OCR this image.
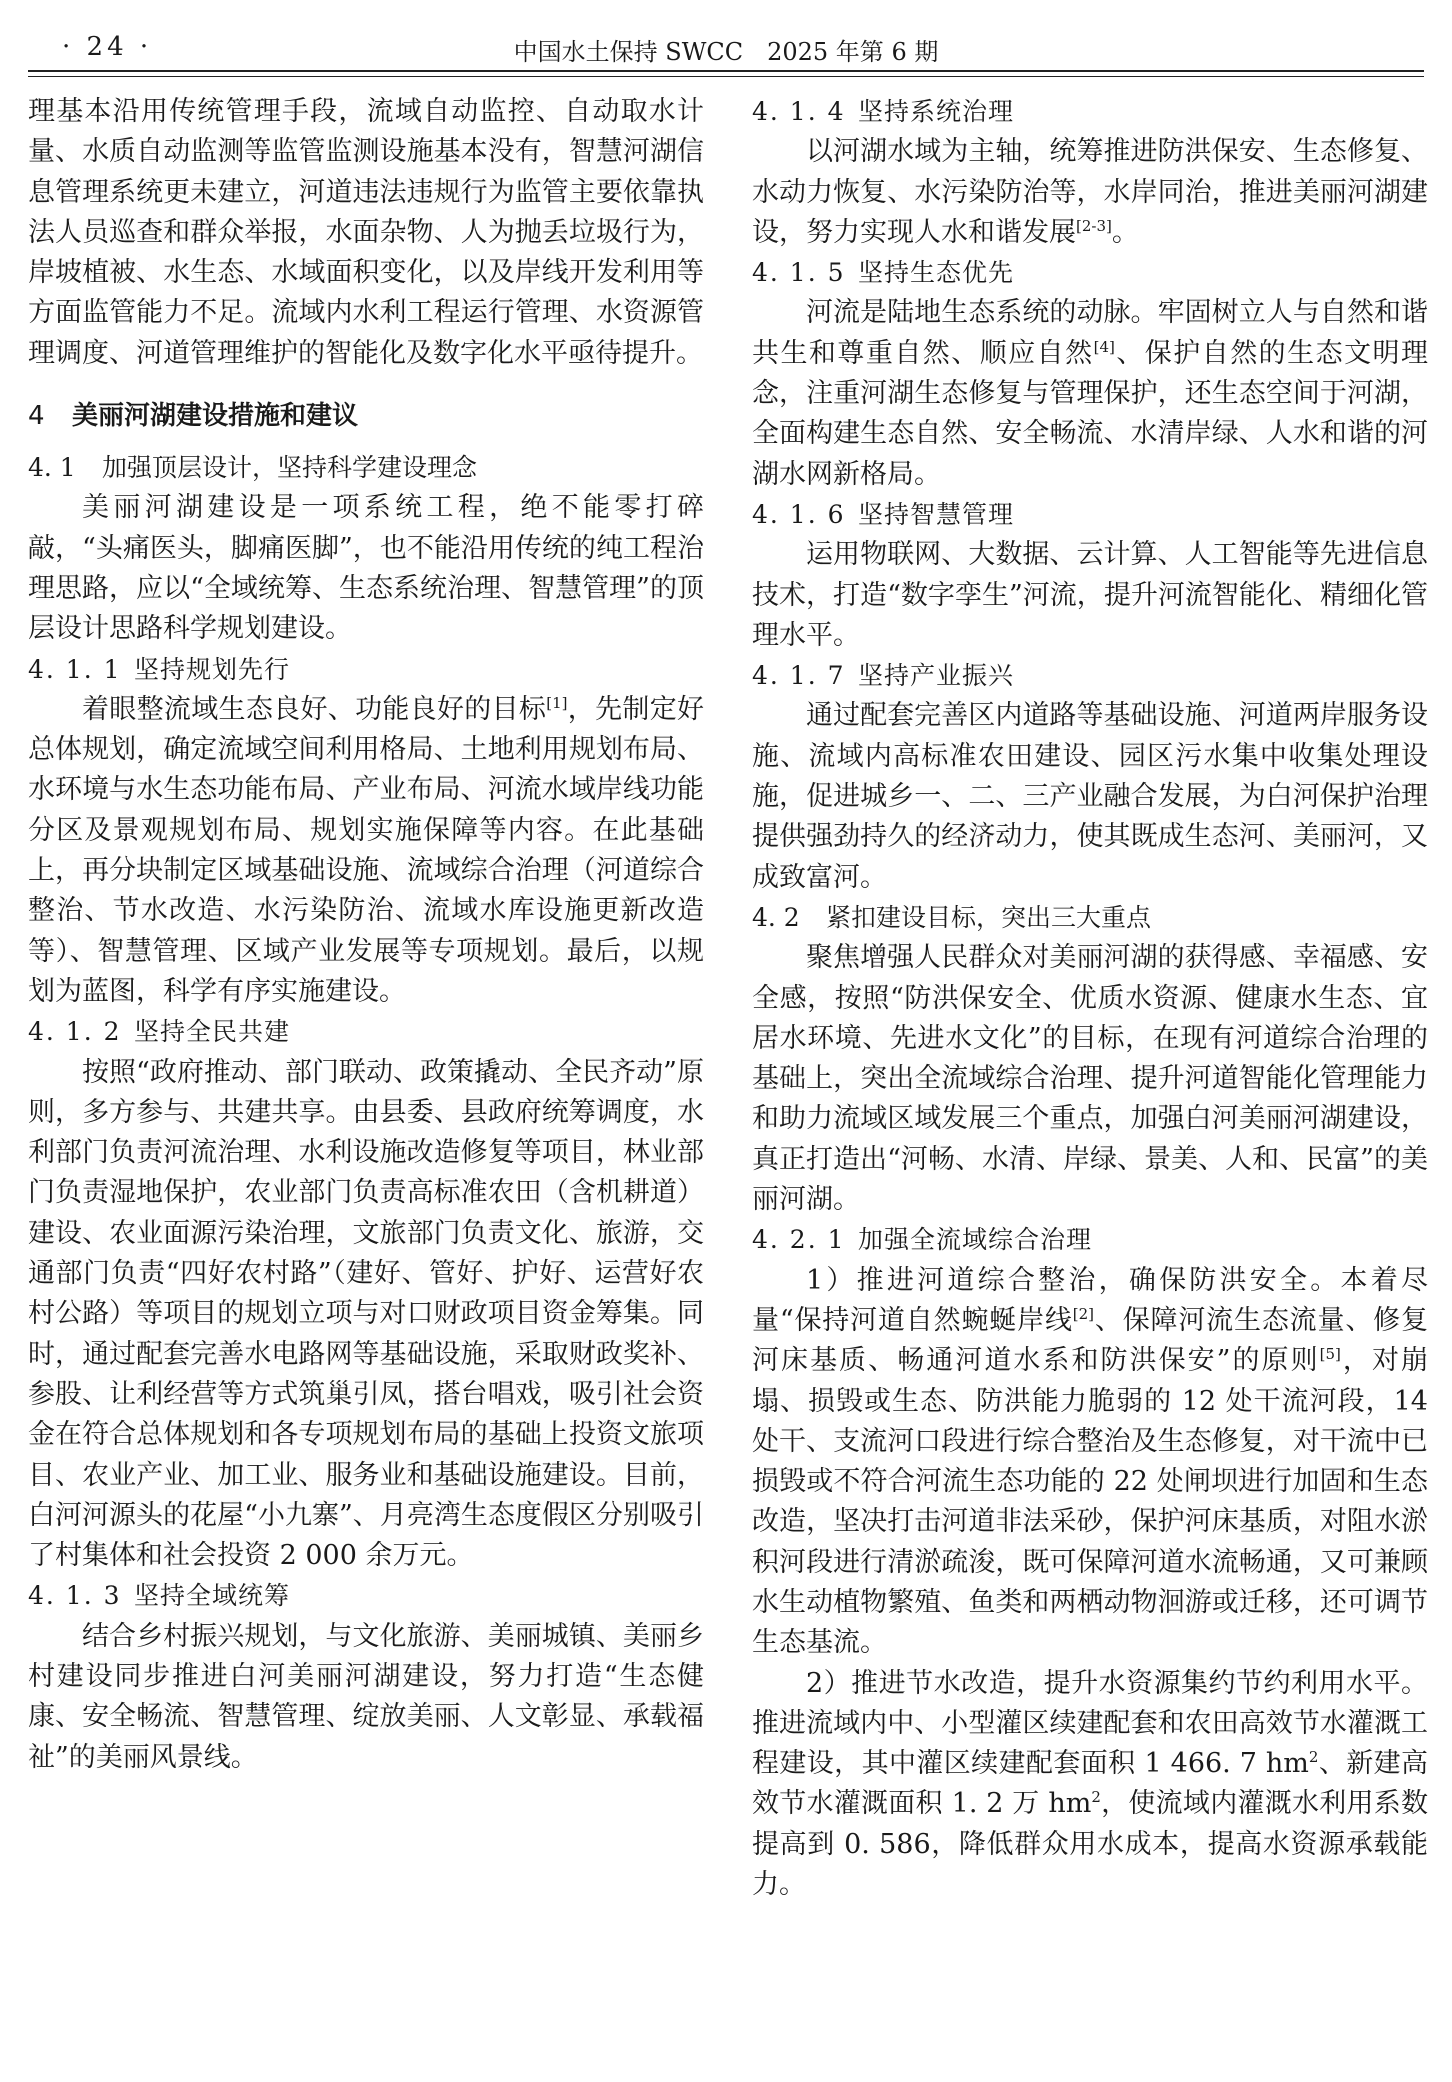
· 24 ·	中国水土保持 SWCC　2025 年第 6 期

理基本沿用传统管理手段，流域自动监控、自动取水计量、水质自动监测等监管监测设施基本没有，智慧河湖信息管理系统更未建立，河道违法违规行为监管主要依靠执法人员巡查和群众举报，水面杂物、人为抛丢垃圾行为，岸坡植被、水生态、水域面积变化，以及岸线开发利用等方面监管能力不足。流域内水利工程运行管理、水资源管理调度、河道管理维护的智能化及数字化水平亟待提升。

4 美丽河湖建设措施和建议
4. 1 加强顶层设计，坚持科学建设理念

美丽河湖建设是一项系统工程，绝不能零打碎敲，“头痛医头，脚痛医脚”，也不能沿用传统的纯工程治理思路，应以“全域统筹、生态系统治理、智慧管理”的顶层设计思路科学规划建设。

4. 1. 1 坚持规划先行

着眼整流域生态良好、功能良好的目标[1]，先制定好总体规划，确定流域空间利用格局、土地利用规划布局、水环境与水生态功能布局、产业布局、河流水域岸线功能分区及景观规划布局、规划实施保障等内容。在此基础上，再分块制定区域基础设施、流域综合治理（河道综合整治、节水改造、水污染防治、流域水库设施更新改造等）、智慧管理、区域产业发展等专项规划。最后，以规划为蓝图，科学有序实施建设。

4. 1. 2 坚持全民共建

按照“政府推动、部门联动、政策撬动、全民齐动”原则，多方参与、共建共享。由县委、县政府统筹调度，水利部门负责河流治理、水利设施改造修复等项目，林业部门负责湿地保护，农业部门负责高标准农田（含机耕道）建设、农业面源污染治理，文旅部门负责文化、旅游，交通部门负责“四好农村路”（建好、管好、护好、运营好农村公路）等项目的规划立项与对口财政项目资金筹集。同时，通过配套完善水电路网等基础设施，采取财政奖补、参股、让利经营等方式筑巢引凤，搭台唱戏，吸引社会资金在符合总体规划和各专项规划布局的基础上投资文旅项目、农业产业、加工业、服务业和基础设施建设。目前，白河河源头的花屋“小九寨”、月亮湾生态度假区分别吸引了村集体和社会投资 2 000 余万元。

4. 1. 3 坚持全域统筹

结合乡村振兴规划，与文化旅游、美丽城镇、美丽乡村建设同步推进白河美丽河湖建设，努力打造“生态健康、安全畅流、智慧管理、绽放美丽、人文彰显、承载福祉”的美丽风景线。

4. 1. 4 坚持系统治理

以河湖水域为主轴，统筹推进防洪保安、生态修复、水动力恢复、水污染防治等，水岸同治，推进美丽河湖建设，努力实现人水和谐发展[2-3]。

4. 1. 5 坚持生态优先

河流是陆地生态系统的动脉。牢固树立人与自然和谐共生和尊重自然、顺应自然[4]、保护自然的生态文明理念，注重河湖生态修复与管理保护，还生态空间于河湖，全面构建生态自然、安全畅流、水清岸绿、人水和谐的河湖水网新格局。

4. 1. 6 坚持智慧管理

运用物联网、大数据、云计算、人工智能等先进信息技术，打造“数字孪生”河流，提升河流智能化、精细化管理水平。

4. 1. 7 坚持产业振兴

通过配套完善区内道路等基础设施、河道两岸服务设施、流域内高标准农田建设、园区污水集中收集处理设施，促进城乡一、二、三产业融合发展，为白河保护治理提供强劲持久的经济动力，使其既成生态河、美丽河，又成致富河。

4. 2 紧扣建设目标，突出三大重点

聚焦增强人民群众对美丽河湖的获得感、幸福感、安全感，按照“防洪保安全、优质水资源、健康水生态、宜居水环境、先进水文化”的目标，在现有河道综合治理的基础上，突出全流域综合治理、提升河道智能化管理能力和助力流域区域发展三个重点，加强白河美丽河湖建设，真正打造出“河畅、水清、岸绿、景美、人和、民富”的美丽河湖。

4. 2. 1 加强全流域综合治理

1）推进河道综合整治，确保防洪安全。本着尽量“保持河道自然蜿蜒岸线[2]、保障河流生态流量、修复河床基质、畅通河道水系和防洪保安”的原则[5]，对崩塌、损毁或生态、防洪能力脆弱的 12 处干流河段，14 处干、支流河口段进行综合整治及生态修复，对干流中已损毁或不符合河流生态功能的 22 处闸坝进行加固和生态改造，坚决打击河道非法采砂，保护河床基质，对阻水淤积河段进行清淤疏浚，既可保障河道水流畅通，又可兼顾水生动植物繁殖、鱼类和两栖动物洄游或迁移，还可调节生态基流。

2）推进节水改造，提升水资源集约节约利用水平。推进流域内中、小型灌区续建配套和农田高效节水灌溉工程建设，其中灌区续建配套面积 1 466. 7 $hm^2$、新建高效节水灌溉面积 1. 2 万 $hm^2$，使流域内灌溉水利用系数提高到 0. 586，降低群众用水成本，提高水资源承载能力。
